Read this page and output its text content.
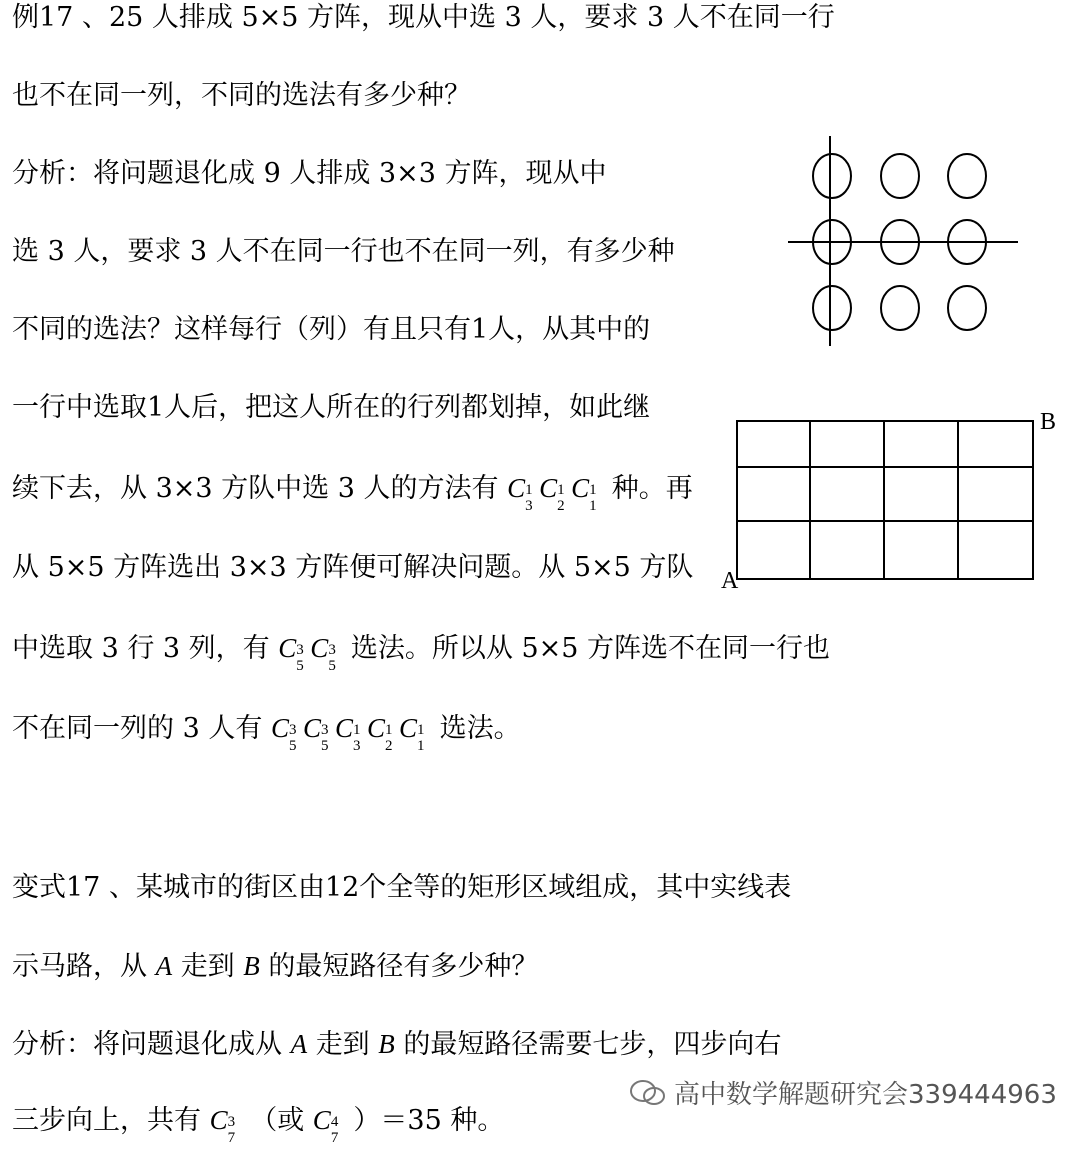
例17 、25 人排成 5×5 方阵，现从中选 3 人，要求 3 人不在同一行
也不在同一列，不同的选法有多少种？
分析：将问题退化成 9 人排成 3×3 方阵，现从中
选 3 人，要求 3 人不在同一行也不在同一列，有多少种
不同的选法？这样每行（列）有且只有1人，从其中的
一行中选取1人后，把这人所在的行列都划掉，如此继
续下去，从 3×3 方队中选 3 人的方法有 C 1
3
C 1
2
C 1
1
种。再
从 5×5 方阵选出 3×3 方阵便可解决问题。从 5×5 方队
中选取 3 行 3 列，有 C 3
5
C 3
5
选法。所以从 5×5 方阵选不在同一行也
不在同一列的 3 人有 C 3
5
C 3
5
C 1
3
C 1
2
C 1
1
选法。
变式17 、某城市的街区由12个全等的矩形区域组成，其中实线表
示马路，从 A 走到 B 的最短路径有多少种？
分析：将问题退化成从 A 走到 B 的最短路径需要七步，四步向右
三步向上，共有 C 3
7
（或 C 4
7
）＝35 种。
A
B
高中数学解题研究会339444963
